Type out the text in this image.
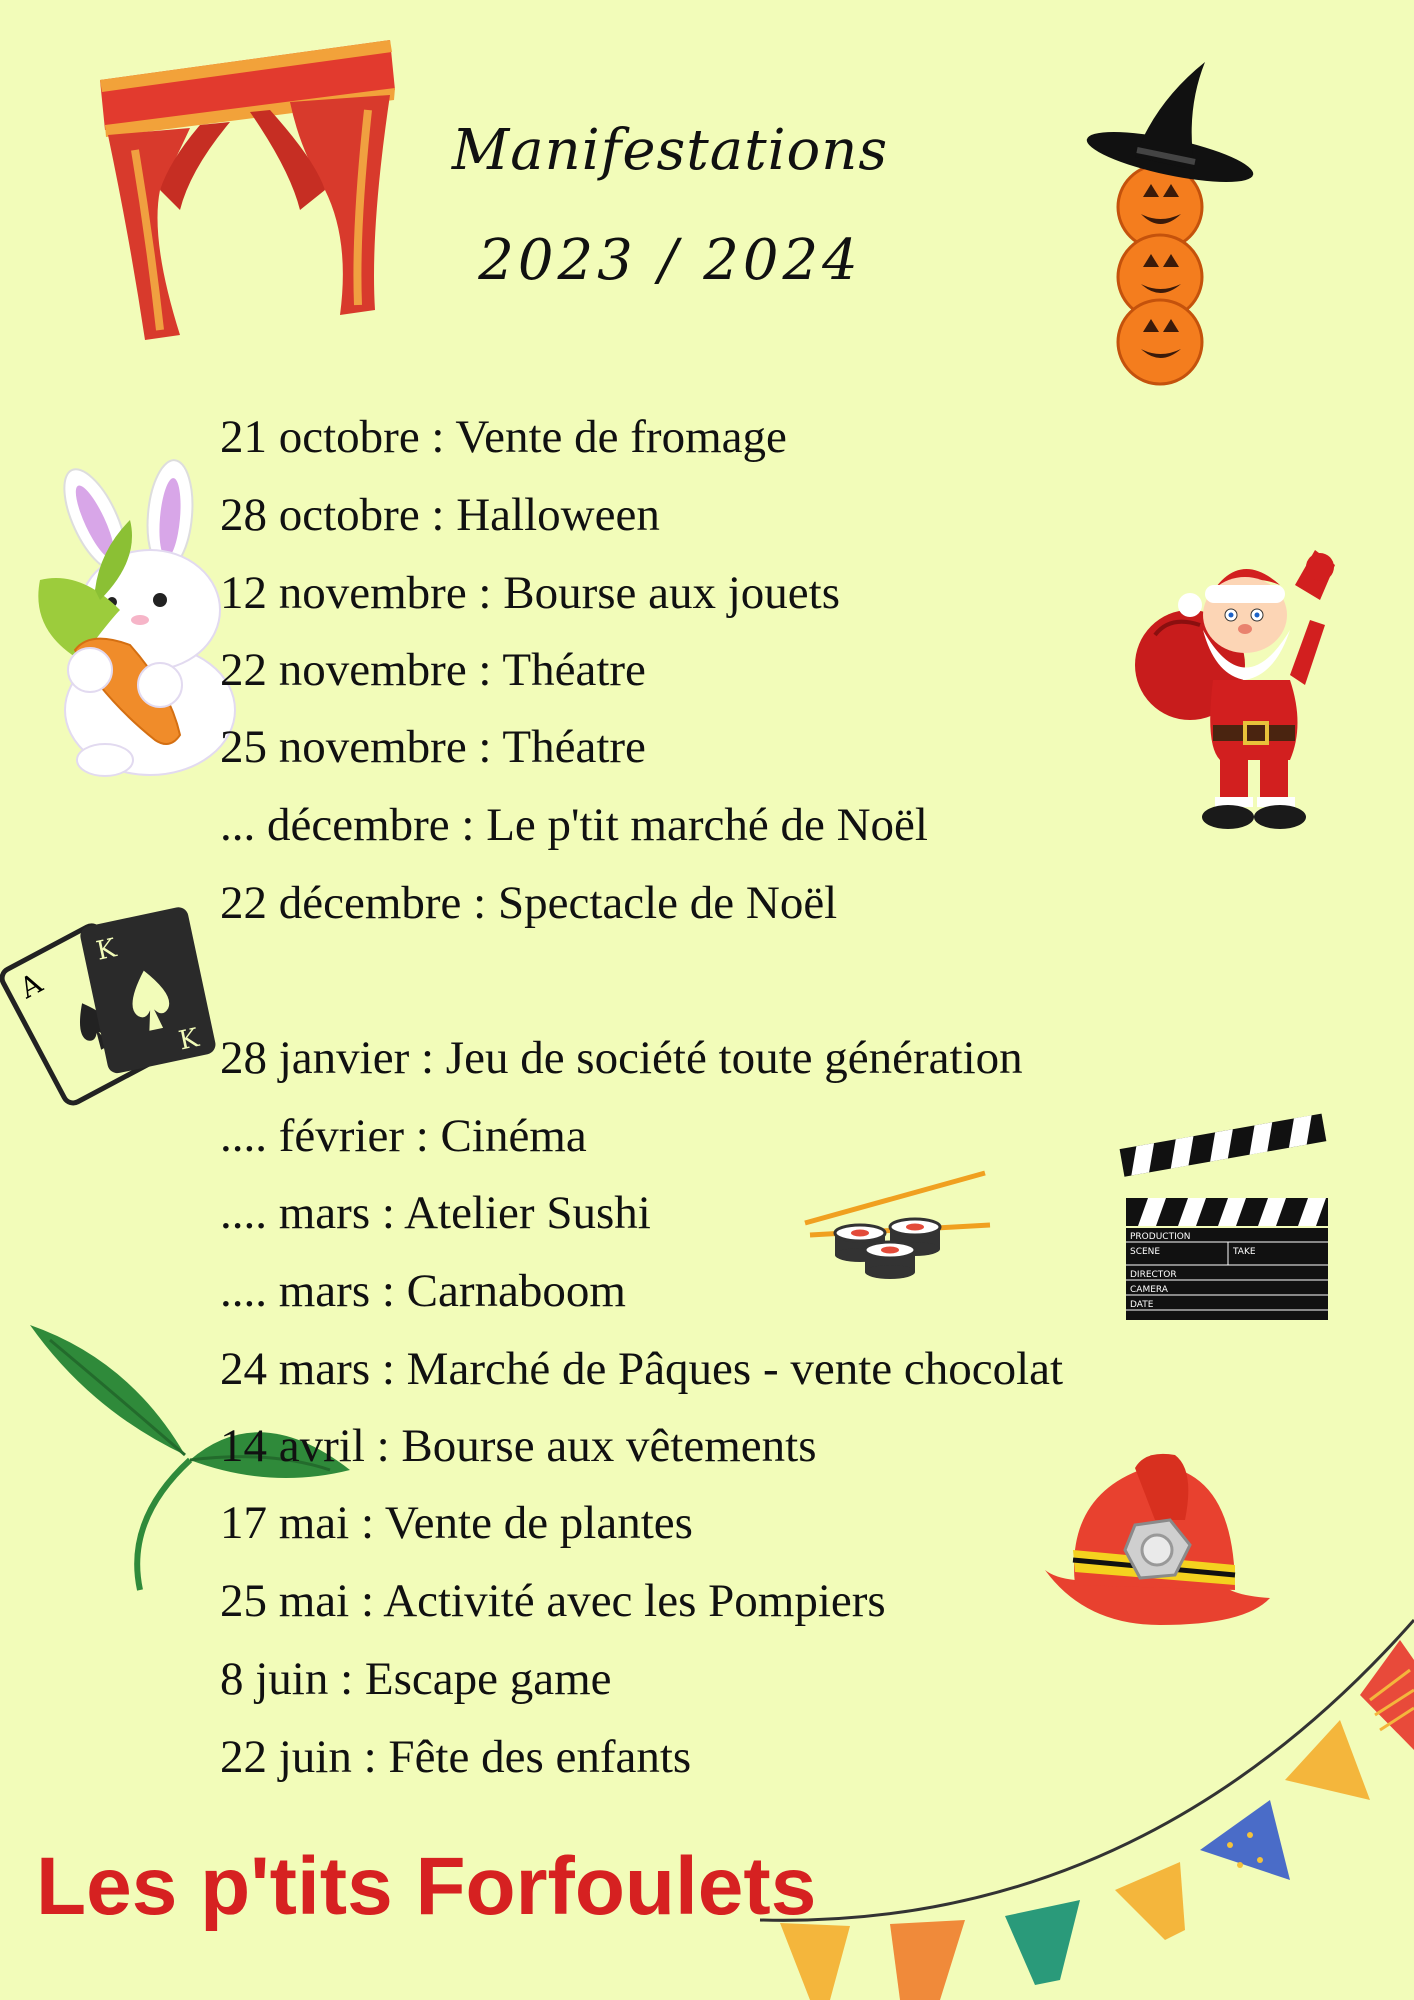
Manifestations
2023 / 2024
A
K
K
PRODUCTION
SCENE	TAKE
DIRECTOR
CAMERA
DATE
21 octobre : Vente de fromage
28 octobre : Halloween
12 novembre : Bourse aux jouets
22 novembre : Théatre
25 novembre : Théatre
... décembre : Le p'tit marché de Noël
22 décembre : Spectacle de Noël
28 janvier : Jeu de société toute génération
.... février : Cinéma
.... mars : Atelier Sushi
.... mars : Carnaboom
24 mars : Marché de Pâques - vente chocolat
14 avril : Bourse aux vêtements
17 mai : Vente de plantes
25 mai : Activité avec les Pompiers
8 juin : Escape game
22 juin : Fête des enfants
Les p'tits Forfoulets
